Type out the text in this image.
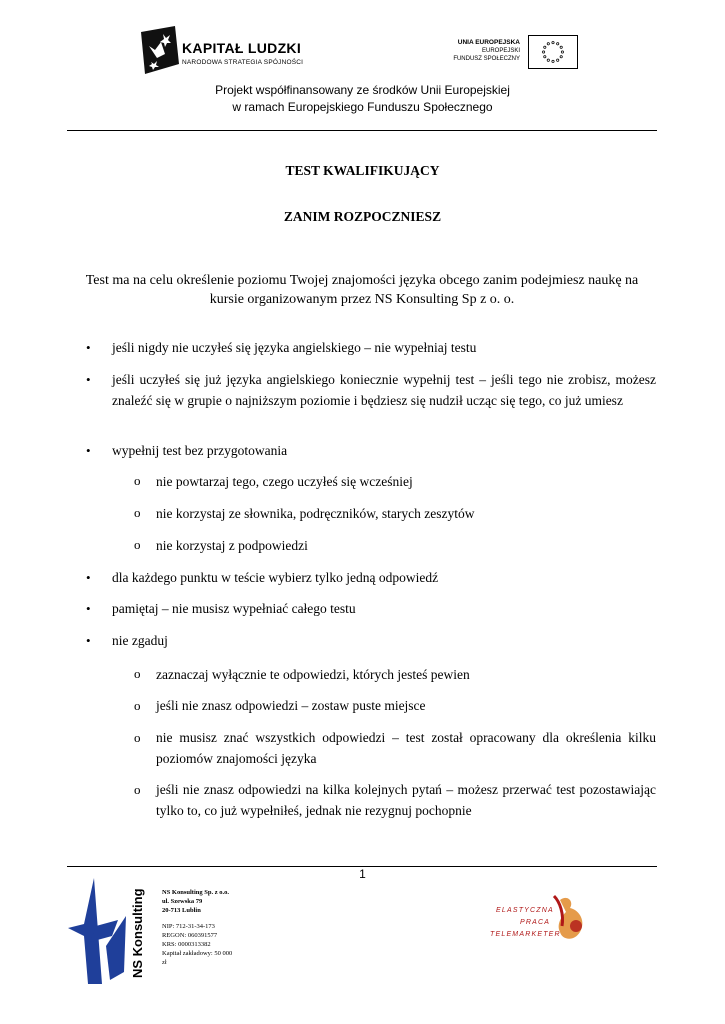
KAPITAŁ LUDZKI
NARODOWA STRATEGIA SPÓJNOŚCI
UNIA EUROPEJSKA
EUROPEJSKI
FUNDUSZ SPOŁECZNY
Projekt współfinansowany ze środków Unii Europejskiej
w ramach Europejskiego Funduszu Społecznego
TEST KWALIFIKUJĄCY
ZANIM ROZPOCZNIESZ
Test ma na celu określenie poziomu Twojej znajomości języka obcego zanim podejmiesz naukę na
kursie organizowanym przez NS Konsulting Sp z o. o.
• jeśli nigdy nie uczyłeś się języka angielskiego – nie wypełniaj testu
• jeśli uczyłeś się już języka angielskiego koniecznie wypełnij test – jeśli tego nie zrobisz, możesz znaleźć się w grupie o najniższym poziomie i będziesz się nudził ucząc się tego, co już umiesz
• wypełnij test bez przygotowania
o nie powtarzaj tego, czego uczyłeś się wcześniej
o nie korzystaj ze słownika, podręczników, starych zeszytów
o nie korzystaj z podpowiedzi
• dla każdego punktu w teście wybierz tylko jedną odpowiedź
• pamiętaj – nie musisz wypełniać całego testu
• nie zgaduj
o zaznaczaj wyłącznie te odpowiedzi, których jesteś pewien
o jeśli nie znasz odpowiedzi – zostaw puste miejsce
o nie musisz znać wszystkich odpowiedzi – test został opracowany dla określenia kilku poziomów znajomości języka
o jeśli nie znasz odpowiedzi na kilka kolejnych pytań – możesz przerwać test pozostawiając tylko to, co już wypełniłeś, jednak nie rezygnuj pochopnie
1
NS Konsulting	NS Konsulting Sp. z o.o.
ul. Szewska 79
20-713 Lublin
NIP: 712-31-34-173
REGON: 060391577
KRS: 0000313382
Kapitał zakładowy: 50 000
zł
ELASTYCZNA
PRACA
TELEMARKETER
